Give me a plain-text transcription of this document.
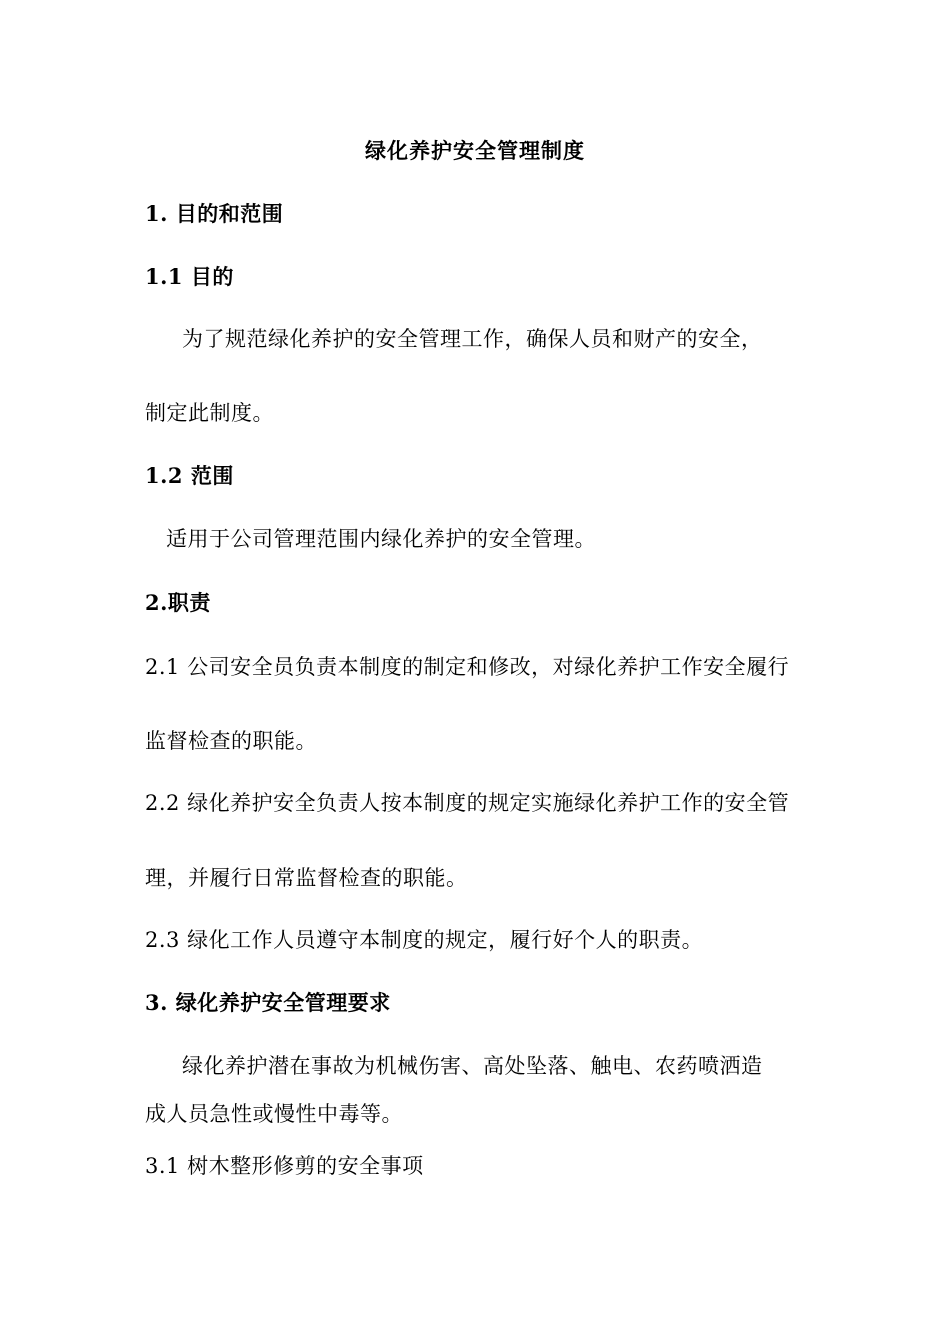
绿化养护安全管理制度
1. 目的和范围
1.1 目的
为了规范绿化养护的安全管理工作，确保人员和财产的安全，
制定此制度。
1.2 范围
适用于公司管理范围内绿化养护的安全管理。
2.职责
2.1 公司安全员负责本制度的制定和修改，对绿化养护工作安全履行
监督检查的职能。
2.2 绿化养护安全负责人按本制度的规定实施绿化养护工作的安全管
理，并履行日常监督检查的职能。
2.3 绿化工作人员遵守本制度的规定，履行好个人的职责。
3. 绿化养护安全管理要求
绿化养护潜在事故为机械伤害、高处坠落、触电、农药喷洒造
成人员急性或慢性中毒等。
3.1 树木整形修剪的安全事项
